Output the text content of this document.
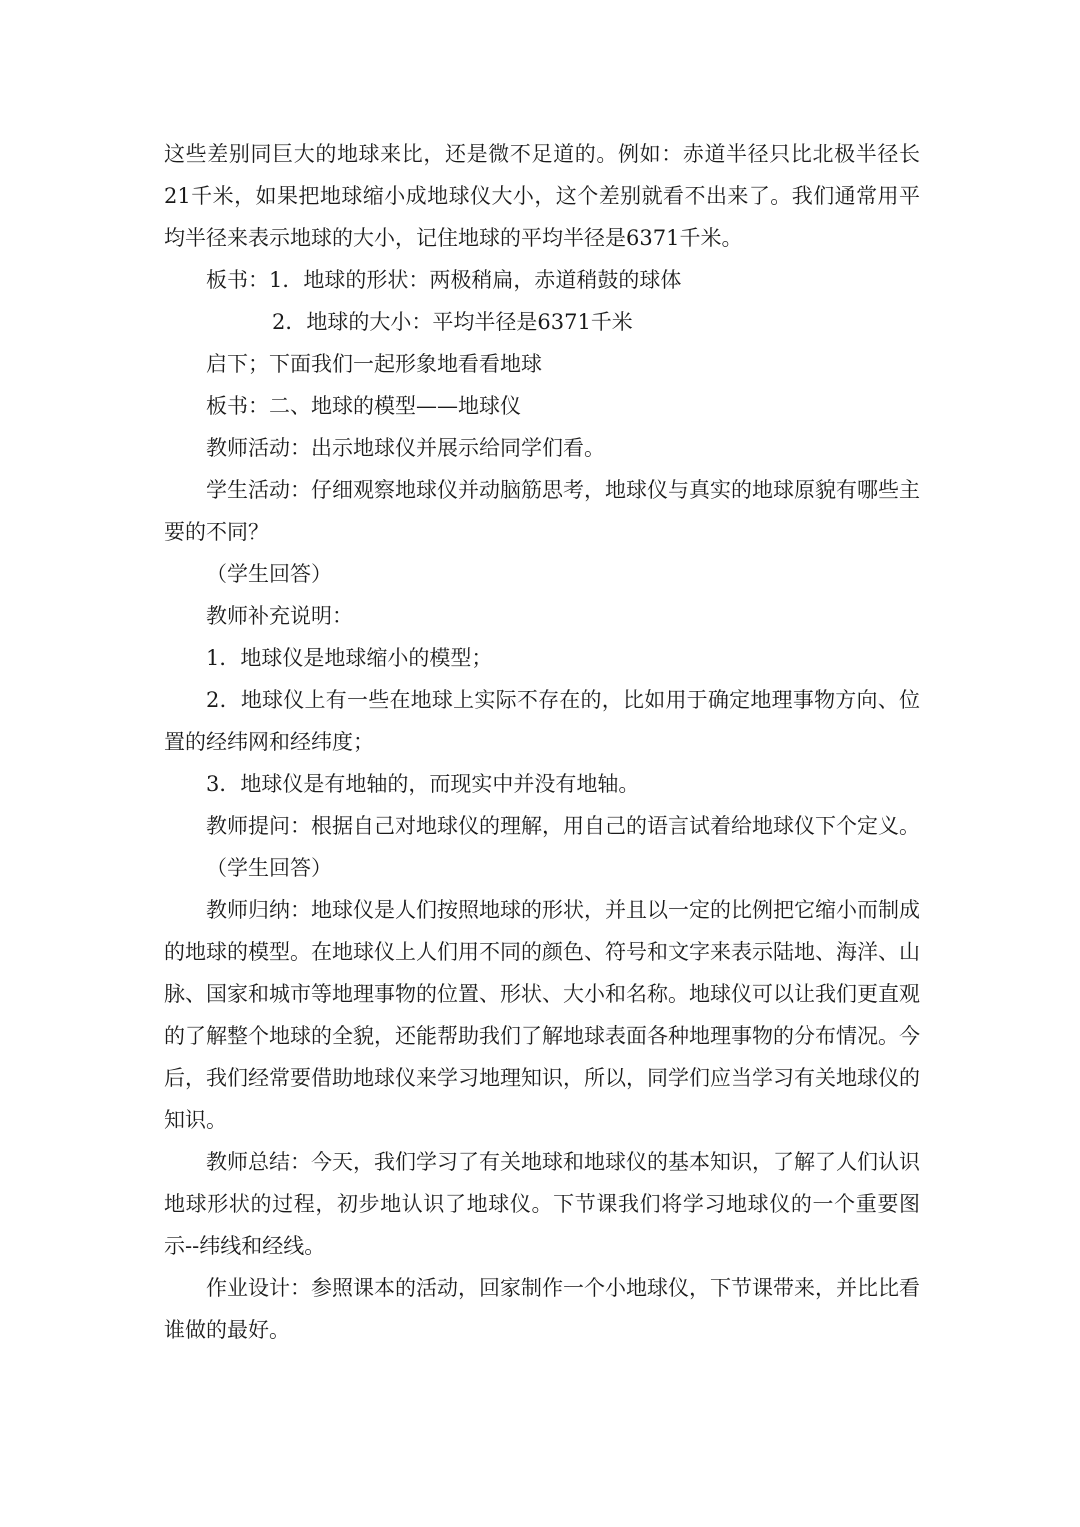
这些差别同巨大的地球来比，还是微不足道的。例如：赤道半径只比北极半径长21千米，如果把地球缩小成地球仪大小，这个差别就看不出来了。我们通常用平均半径来表示地球的大小，记住地球的平均半径是6371千米。

板书：1．地球的形状：两极稍扁，赤道稍鼓的球体

2．地球的大小：平均半径是6371千米

启下；下面我们一起形象地看看地球

板书：二、地球的模型——地球仪

教师活动：出示地球仪并展示给同学们看。

学生活动：仔细观察地球仪并动脑筋思考，地球仪与真实的地球原貌有哪些主要的不同？

（学生回答）

教师补充说明：

1．地球仪是地球缩小的模型；

2．地球仪上有一些在地球上实际不存在的，比如用于确定地理事物方向、位置的经纬网和经纬度；

3．地球仪是有地轴的，而现实中并没有地轴。

教师提问：根据自己对地球仪的理解，用自己的语言试着给地球仪下个定义。

（学生回答）

教师归纳：地球仪是人们按照地球的形状，并且以一定的比例把它缩小而制成的地球的模型。在地球仪上人们用不同的颜色、符号和文字来表示陆地、海洋、山脉、国家和城市等地理事物的位置、形状、大小和名称。地球仪可以让我们更直观的了解整个地球的全貌，还能帮助我们了解地球表面各种地理事物的分布情况。今后，我们经常要借助地球仪来学习地理知识，所以，同学们应当学习有关地球仪的知识。

教师总结：今天，我们学习了有关地球和地球仪的基本知识，了解了人们认识地球形状的过程，初步地认识了地球仪。下节课我们将学习地球仪的一个重要图示--纬线和经线。

作业设计：参照课本的活动，回家制作一个小地球仪，下节课带来，并比比看谁做的最好。
